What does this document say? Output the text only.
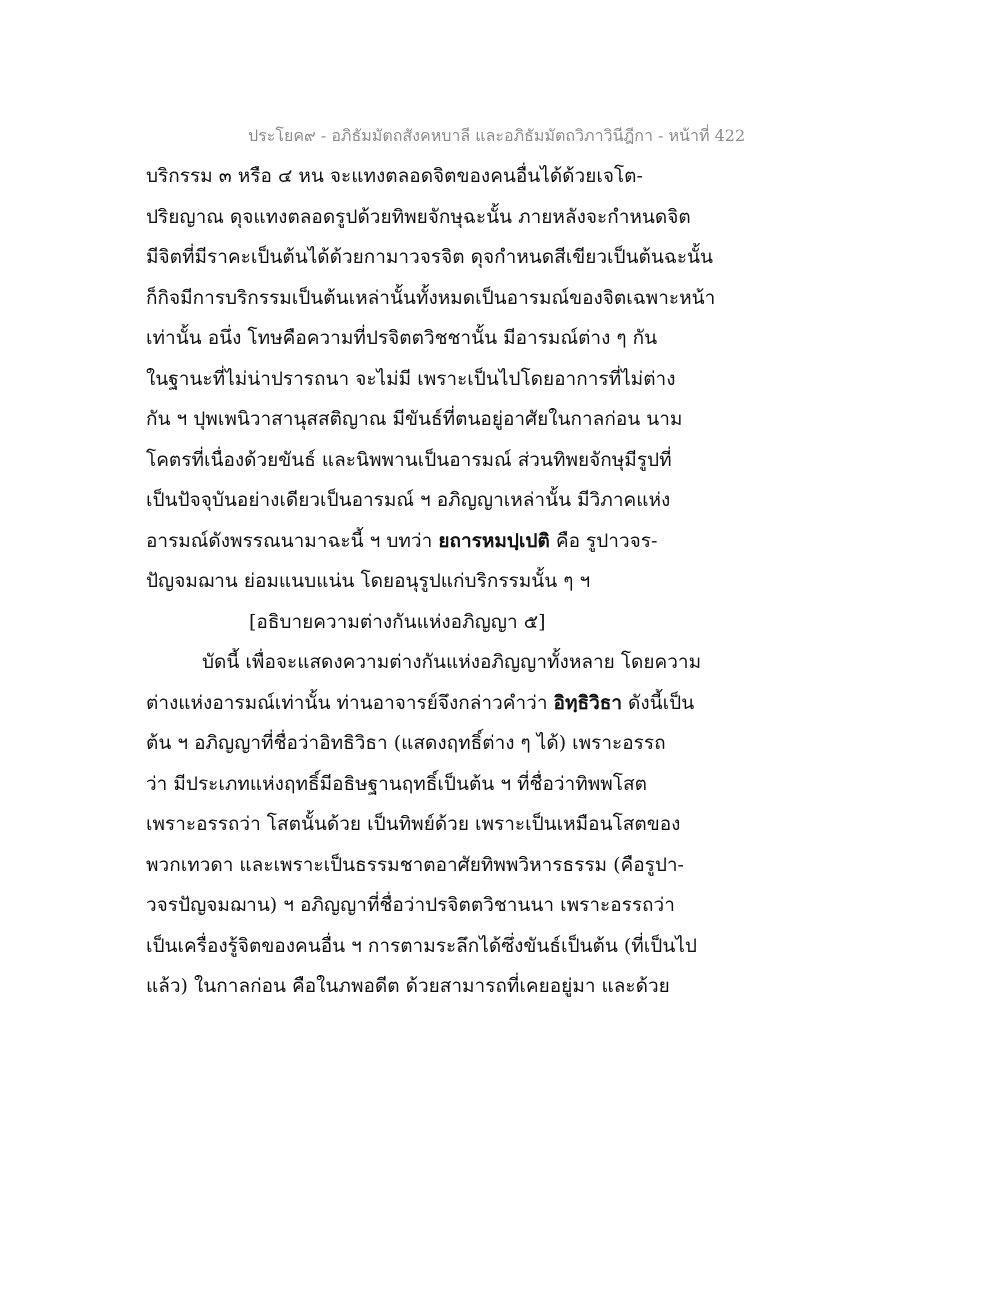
ประโยค๙ - อภิธัมมัตถสังคหบาลี และอภิธัมมัตถวิภาวินีฎีกา - หน้าที่ 422
บริกรรม ๓ หรือ ๔ หน จะแทงตลอดจิตของคนอื่นได้ด้วยเจโต-
ปริยญาณ ดุจแทงตลอดรูปด้วยทิพยจักษุฉะนั้น ภายหลังจะกำหนดจิต
มีจิตที่มีราคะเป็นต้นได้ด้วยกามาวจรจิต ดุจกำหนดสีเขียวเป็นต้นฉะนั้น
ก็กิจมีการบริกรรมเป็นต้นเหล่านั้นทั้งหมดเป็นอารมณ์ของจิตเฉพาะหน้า
เท่านั้น อนึ่ง โทษคือความที่ปรจิตตวิชชานั้น มีอารมณ์ต่าง ๆ กัน
ในฐานะที่ไม่น่าปรารถนา จะไม่มี เพราะเป็นไปโดยอาการที่ไม่ต่าง
กัน ฯ ปุพเพนิวาสานุสสติญาณ มีขันธ์ที่ตนอยู่อาศัยในกาลก่อน นาม
โคตรที่เนื่องด้วยขันธ์ และนิพพานเป็นอารมณ์ ส่วนทิพยจักษุมีรูปที่
เป็นปัจจุบันอย่างเดียวเป็นอารมณ์ ฯ อภิญญาเหล่านั้น มีวิภาคแห่ง
อารมณ์ดังพรรณนามาฉะนี้ ฯ บทว่า ยถารหมปฺเปติ คือ รูปาวจร-
ปัญจมฌาน ย่อมแนบแน่น โดยอนุรูปแก่บริกรรมนั้น ๆ ฯ
[อธิบายความต่างกันแห่งอภิญญา ๕]
บัดนี้ เพื่อจะแสดงความต่างกันแห่งอภิญญาทั้งหลาย โดยความ
ต่างแห่งอารมณ์เท่านั้น ท่านอาจารย์จึงกล่าวคำว่า อิทฺธิวิธา ดังนี้เป็น
ต้น ฯ อภิญญาที่ชื่อว่าอิทธิวิธา (แสดงฤทธิ์ต่าง ๆ ได้) เพราะอรรถ
ว่า มีประเภทแห่งฤทธิ์มีอธิษฐานฤทธิ์เป็นต้น ฯ ที่ชื่อว่าทิพพโสต
เพราะอรรถว่า โสตนั้นด้วย เป็นทิพย์ด้วย เพราะเป็นเหมือนโสตของ
พวกเทวดา และเพราะเป็นธรรมชาตอาศัยทิพพวิหารธรรม (คือรูปา-
วจรปัญจมฌาน) ฯ อภิญญาที่ชื่อว่าปรจิตตวิชานนา เพราะอรรถว่า
เป็นเครื่องรู้จิตของคนอื่น ฯ การตามระลึกได้ซึ่งขันธ์เป็นต้น (ที่เป็นไป
แล้ว) ในกาลก่อน คือในภพอดีต ด้วยสามารถที่เคยอยู่มา และด้วย
